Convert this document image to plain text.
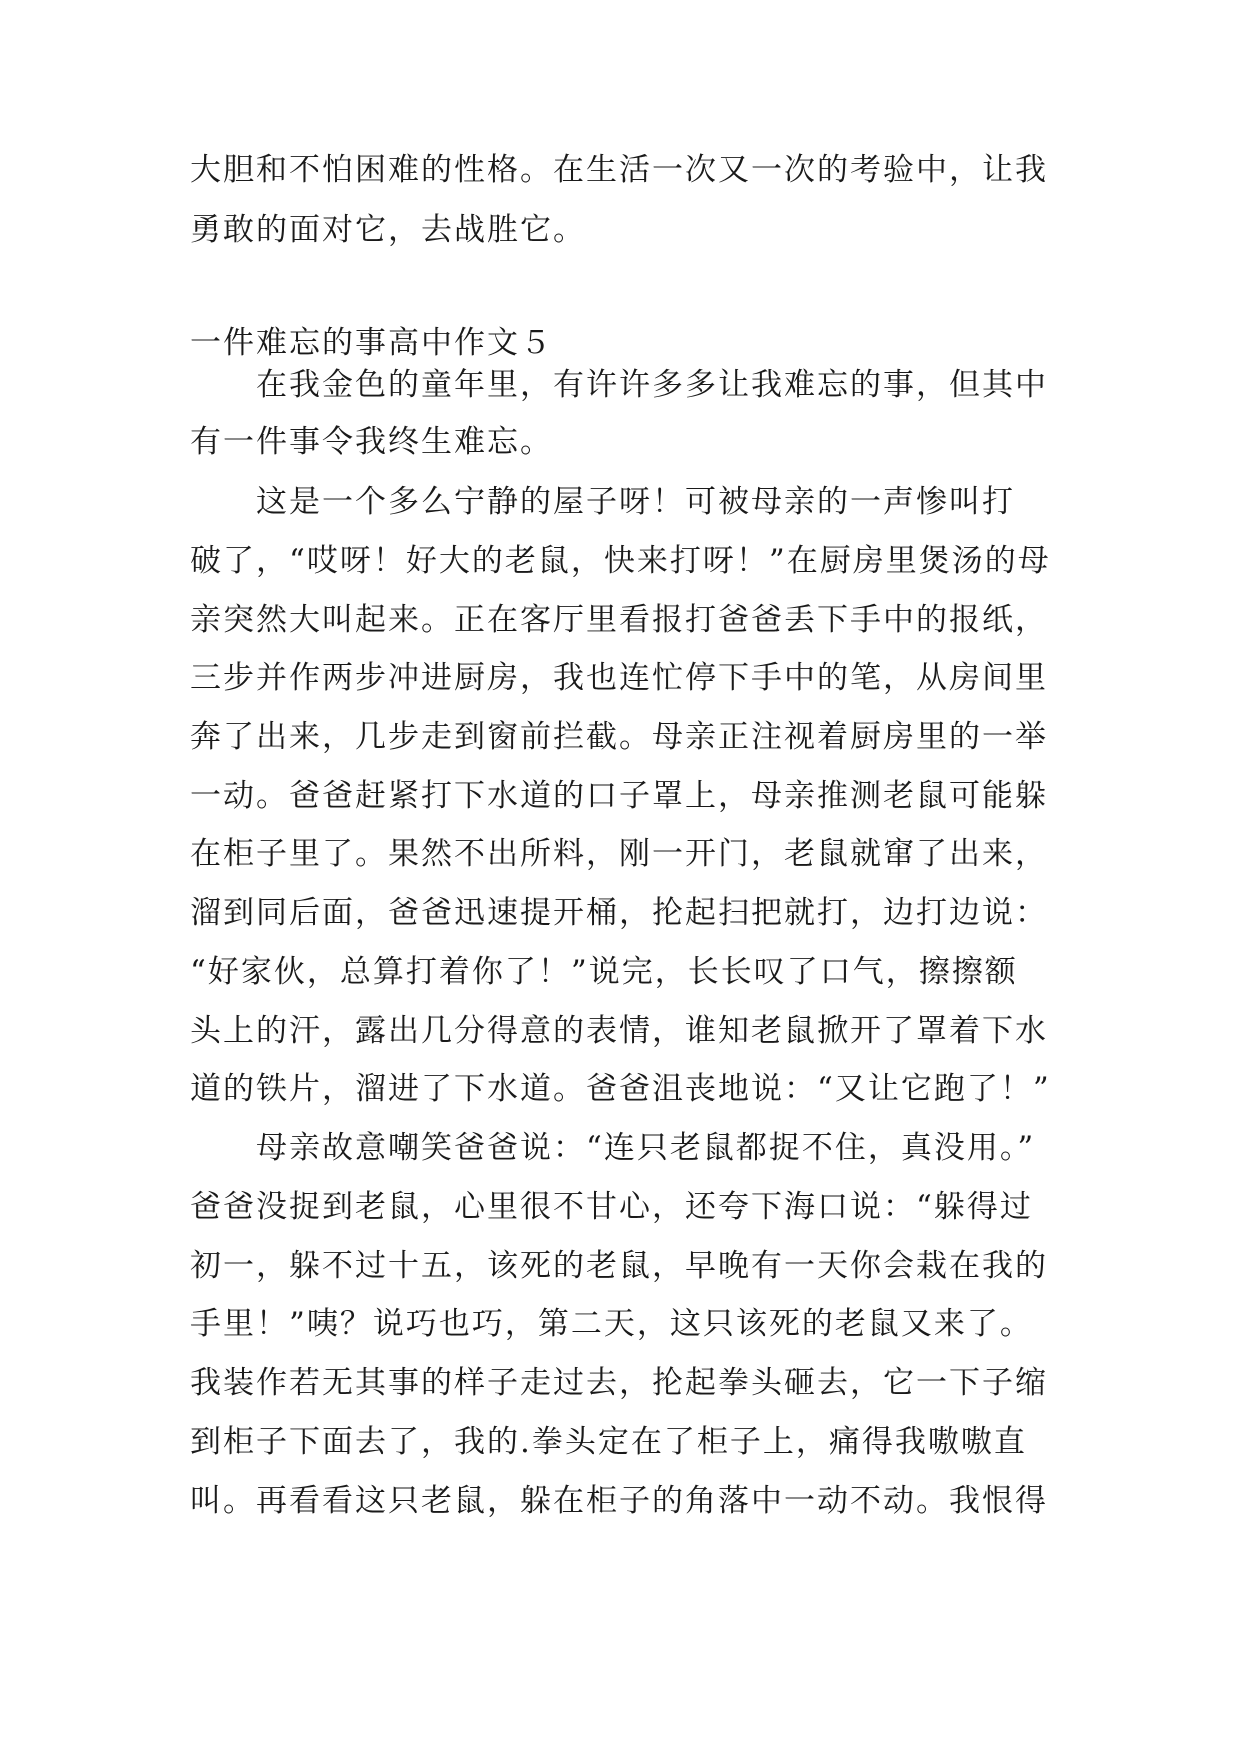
大胆和不怕困难的性格。在生活一次又一次的考验中，让我
勇敢的面对它，去战胜它。
一件难忘的事高中作文５
　　在我金色的童年里，有许许多多让我难忘的事，但其中
有一件事令我终生难忘。
　　这是一个多么宁静的屋子呀！可被母亲的一声惨叫打
破了，“哎呀！好大的老鼠，快来打呀！”在厨房里煲汤的母
亲突然大叫起来。正在客厅里看报打爸爸丢下手中的报纸，
三步并作两步冲进厨房，我也连忙停下手中的笔，从房间里
奔了出来，几步走到窗前拦截。母亲正注视着厨房里的一举
一动。爸爸赶紧打下水道的口子罩上，母亲推测老鼠可能躲
在柜子里了。果然不出所料，刚一开门，老鼠就窜了出来，
溜到同后面，爸爸迅速提开桶，抡起扫把就打，边打边说：
“好家伙，总算打着你了！”说完，长长叹了口气，擦擦额
头上的汗，露出几分得意的表情，谁知老鼠掀开了罩着下水
道的铁片，溜进了下水道。爸爸沮丧地说：“又让它跑了！”
　　母亲故意嘲笑爸爸说：“连只老鼠都捉不住，真没用。”
爸爸没捉到老鼠，心里很不甘心，还夸下海口说：“躲得过
初一，躲不过十五，该死的老鼠，早晚有一天你会栽在我的
手里！”咦？说巧也巧，第二天，这只该死的老鼠又来了。
我装作若无其事的样子走过去，抡起拳头砸去，它一下子缩
到柜子下面去了，我的.拳头定在了柜子上，痛得我嗷嗷直
叫。再看看这只老鼠，躲在柜子的角落中一动不动。我恨得
